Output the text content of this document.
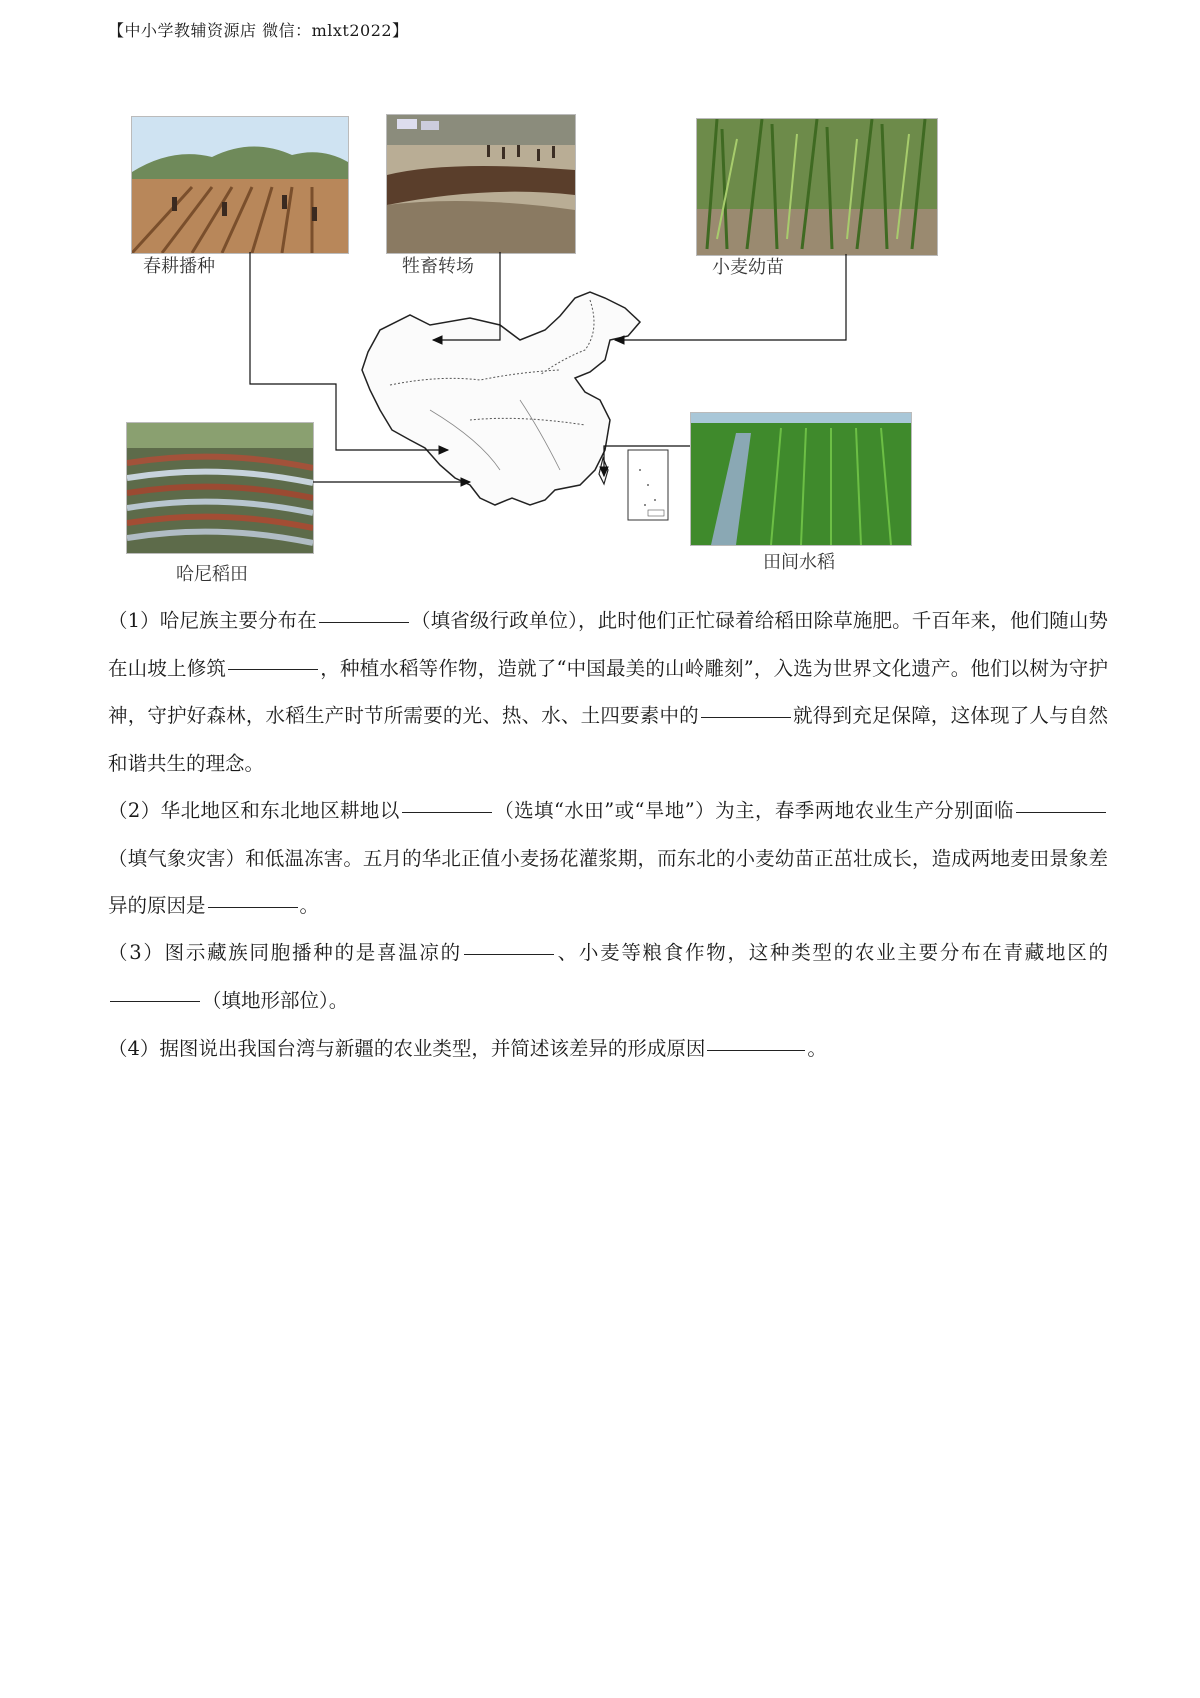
【中小学教辅资源店 微信：mlxt2022】
春耕播种	牲畜转场	小麦幼苗
哈尼稻田
田间水稻

（1）哈尼族主要分布在	（填省级行政单位），此时他们正忙碌着给稻田除草施肥。千百年来，他们随山势在山坡上修筑	，种植水稻等作物，造就了“中国最美的山岭雕刻”，入选为世界文化遗产。他们以树为守护神，守护好森林，水稻生产时节所需要的光、热、水、土四要素中的	就得到充足保障，这体现了人与自然和谐共生的理念。

（2）华北地区和东北地区耕地以	（选填“水田”或“旱地”）为主，春季两地农业生产分别面临（填气象灾害）和低温冻害。五月的华北正值小麦扬花灌浆期，而东北的小麦幼苗正茁壮成长，造成两地麦田景象差异的原因是	。

（3）图示藏族同胞播种的是喜温凉的	、小麦等粮食作物，这种类型的农业主要分布在青藏地区的（填地形部位）。

（4）据图说出我国台湾与新疆的农业类型，并简述该差异的形成原因	。
